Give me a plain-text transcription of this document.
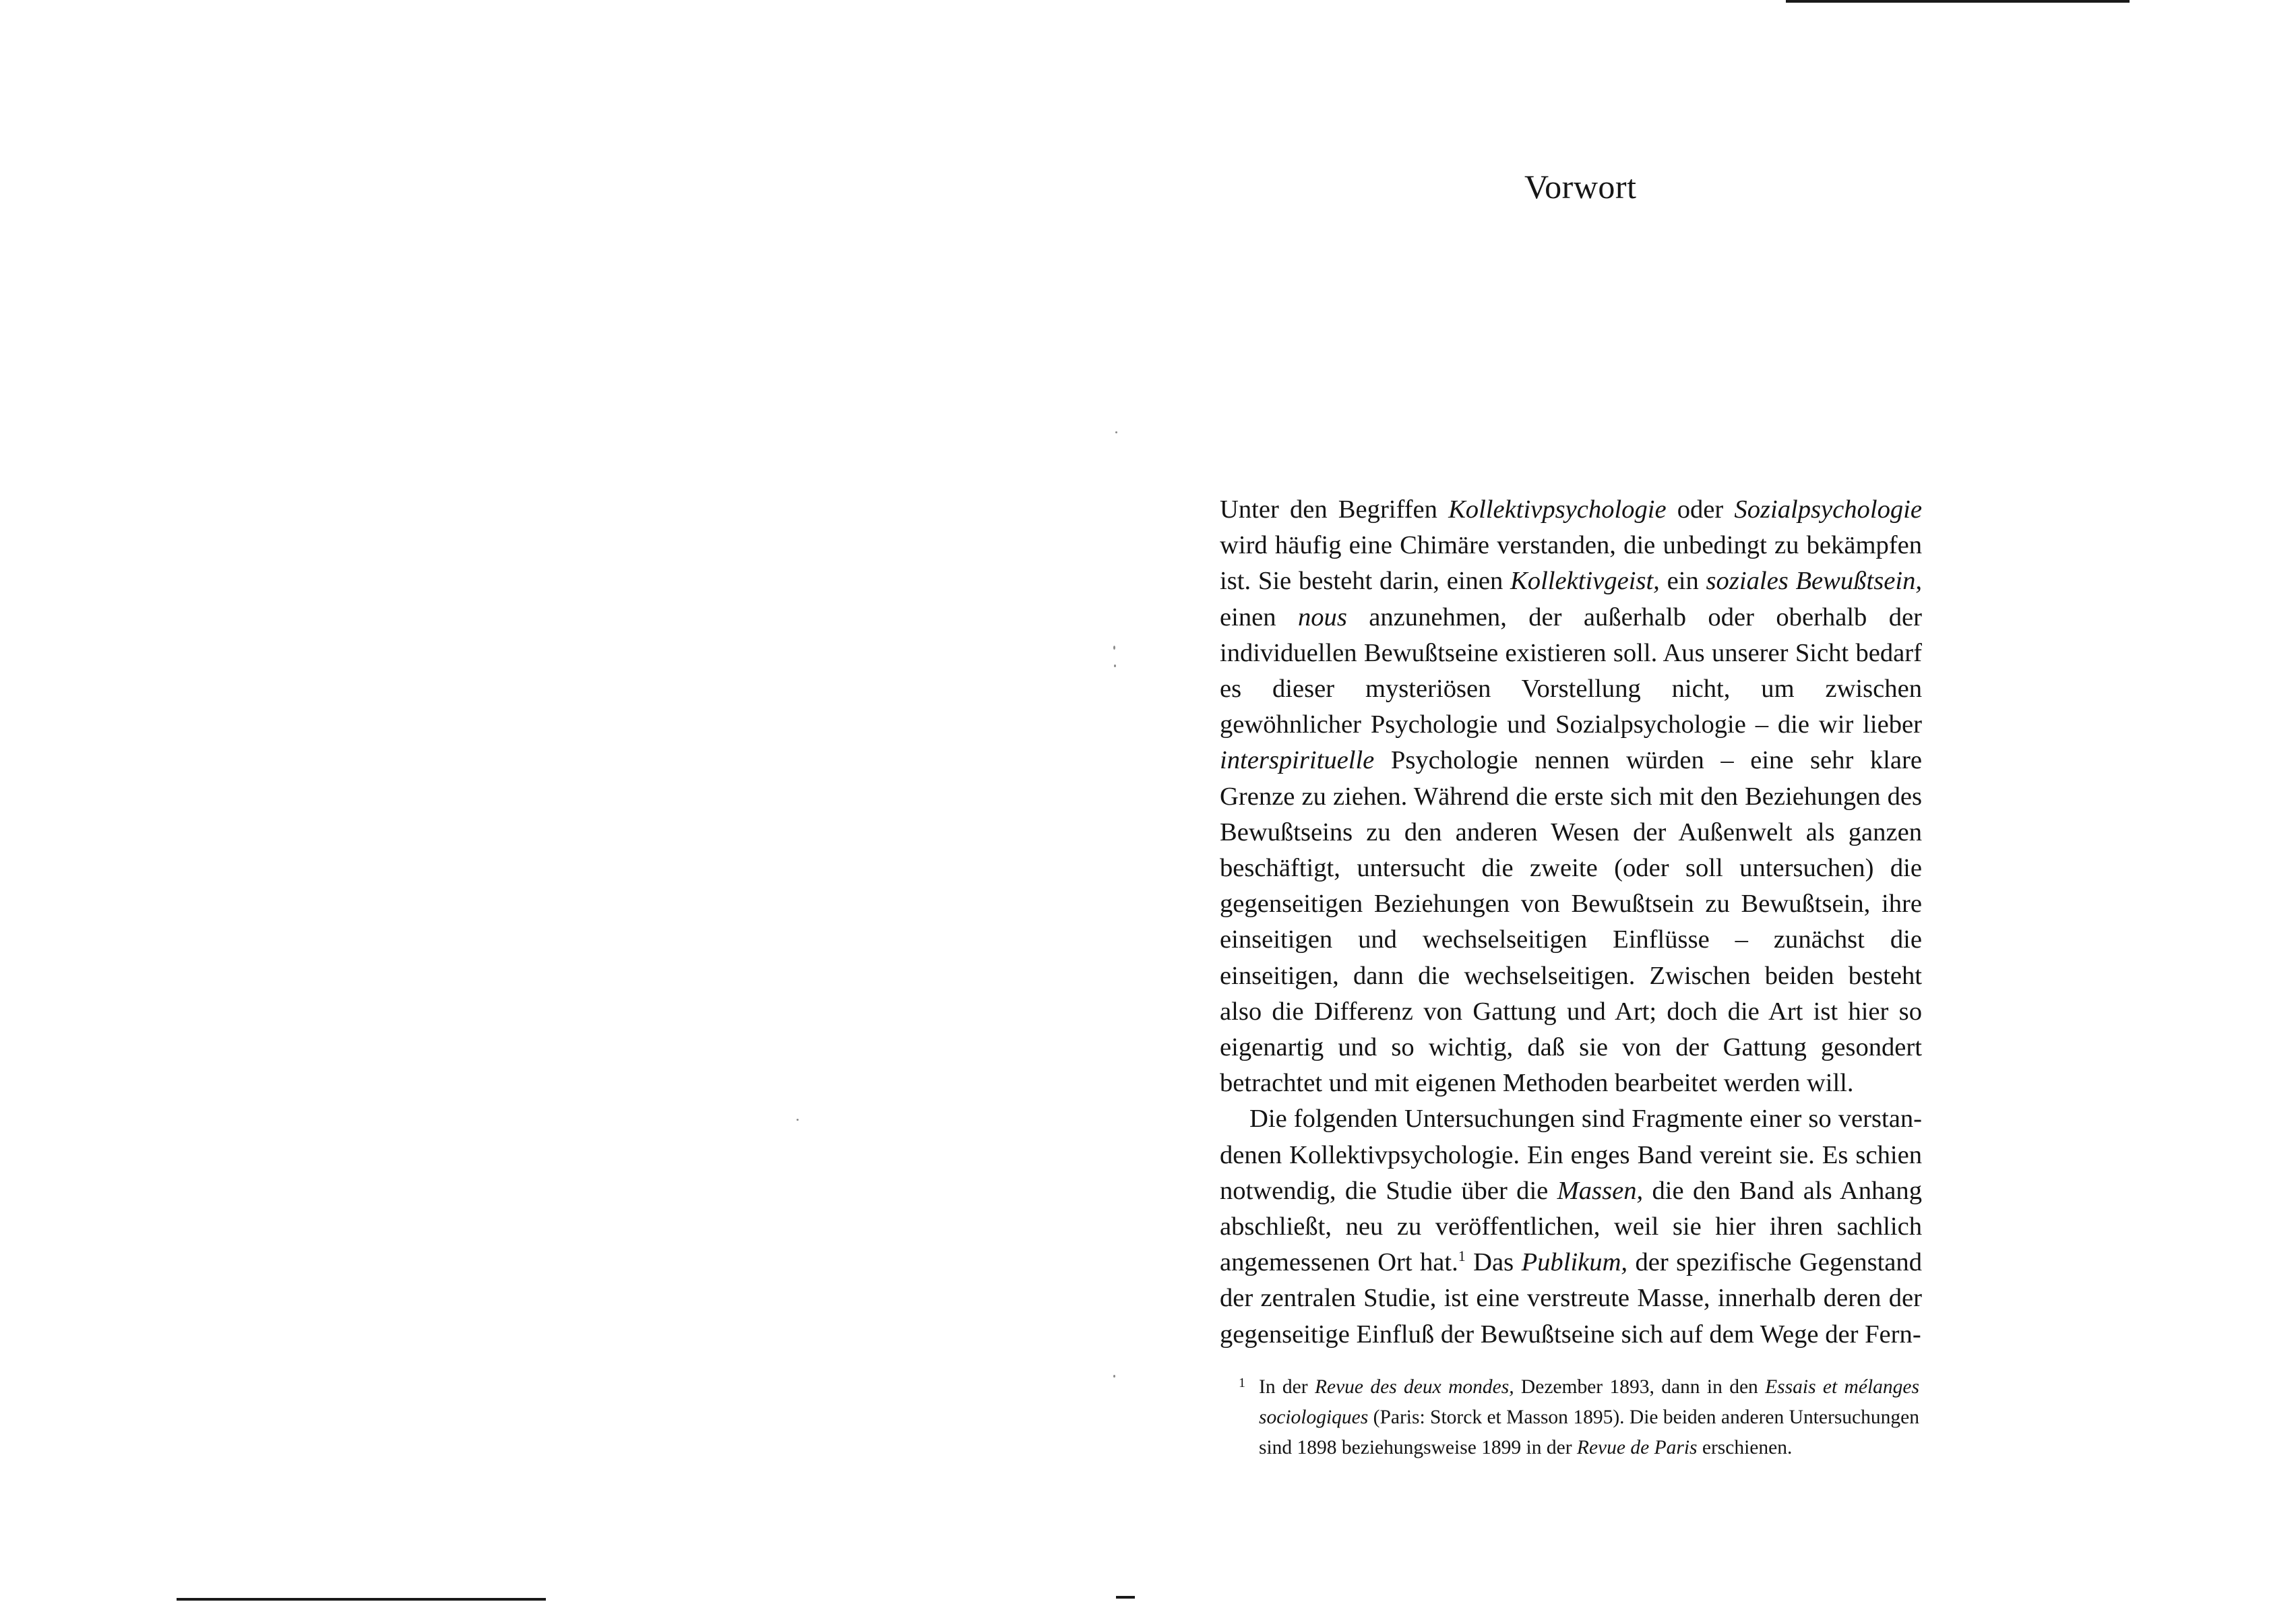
Vorwort

Unter den Begriffen Kollektivpsychologie oder Sozialpsychologie wird häufig eine Chimäre verstanden, die unbedingt zu bekämpfen ist. Sie besteht darin, einen Kollektivgeist, ein soziales Bewußtsein, einen nous anzunehmen, der außerhalb oder oberhalb der individuellen Bewußtseine existieren soll. Aus unserer Sicht bedarf es dieser mysteriösen Vorstellung nicht, um zwischen gewöhnlicher Psychologie und Sozialpsychologie – die wir lieber interspirituelle Psychologie nennen würden – eine sehr klare Grenze zu ziehen. Während die erste sich mit den Beziehungen des Bewußtseins zu den anderen Wesen der Außenwelt als ganzen beschäftigt, untersucht die zweite (oder soll untersuchen) die gegenseitigen Beziehungen von Bewußtsein zu Bewußtsein, ihre einseitigen und wechselseitigen Einflüsse – zunächst die einseitigen, dann die wechselseitigen. Zwischen beiden besteht also die Differenz von Gattung und Art; doch die Art ist hier so eigenartig und so wichtig, daß sie von der Gattung gesondert betrachtet und mit eigenen Methoden bearbeitet werden will.

Die folgenden Untersuchungen sind Fragmente einer so verstandenen Kollektivpsychologie. Ein enges Band vereint sie. Es schien notwendig, die Studie über die Massen, die den Band als Anhang abschließt, neu zu veröffentlichen, weil sie hier ihren sachlich angemessenen Ort hat.$^1$ Das Publikum, der spezifische Gegenstand der zentralen Studie, ist eine verstreute Masse, innerhalb deren der gegenseitige Einfluß der Bewußtseine sich auf dem Wege der Fern-

1 In der Revue des deux mondes, Dezember 1893, dann in den Essais et mélanges sociologiques (Paris: Storck et Masson 1895). Die beiden anderen Untersuchungen sind 1898 beziehungsweise 1899 in der Revue de Paris erschienen.
